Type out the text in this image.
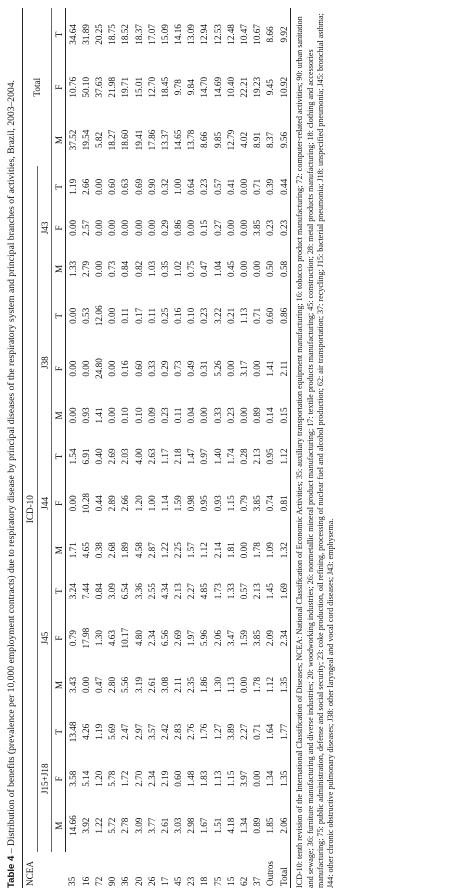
Table 4 – Distribution of benefits (prevalence per 10,000 employment contracts) due to respiratory disease by principal diseases of the respiratory system and principal branches of activities, Brazil, 2003–2004.

NCEA	ICD-10															Total		
	J15+J18			J45			J44			J38			J43					
	M	F	T	M	F	T	M	F	T	M	F	T	M	F	T	M	F	T
35	14.66	3.58	13.48	3.43	0.79	3.24	1.71	0.00	1.54	0.00	0.00	0.00	1.33	0.00	1.19	37.52	10.76	34.64
16	3.92	5.14	4.26	0.00	17.98	7.44	4.65	10.28	6.91	0.93	0.00	0.53	2.79	2.57	2.66	19.54	50.10	31.89
72	1.22	1.20	1.19	0.47	1.30	0.84	0.38	0.44	0.40	1.41	24.80	12.06	0.00	0.00	0.00	5.82	37.63	20.25
90	5.72	5.78	5.69	2.80	4.63	3.09	2.68	2.89	2.69	0.00	0.00	0.00	0.73	0.00	0.60	18.27	21.98	18.75
36	2.78	1.72	2.47	5.56	10.17	6.54	1.89	2.66	2.03	0.10	0.16	0.11	0.84	0.00	0.63	18.60	19.71	18.52
20	3.09	2.70	2.97	3.19	4.80	3.36	4.58	1.20	4.00	0.10	0.60	0.17	0.82	0.00	0.69	19.41	15.01	18.37
26	3.77	2.34	3.57	2.61	2.34	2.55	2.87	1.00	2.63	0.09	0.33	0.11	1.03	0.00	0.90	17.86	12.70	17.07
17	2.61	2.19	2.42	3.08	6.56	4.34	1.22	1.14	1.17	0.23	0.29	0.25	0.35	0.29	0.32	13.37	18.45	15.09
45	3.03	0.60	2.83	2.11	2.69	2.13	2.25	1.59	2.18	0.11	0.73	0.16	1.02	0.86	1.00	14.65	9.78	14.16
23	2.98	1.48	2.76	2.35	1.97	2.27	1.57	0.98	1.47	0.04	0.49	0.10	0.75	0.00	0.64	13.78	9.84	13.09
18	1.67	1.83	1.76	1.86	5.96	4.85	1.12	0.95	0.97	0.00	0.31	0.23	0.47	0.15	0.23	8.66	14.70	12.94
75	1.51	1.13	1.27	1.30	2.06	1.73	2.14	0.93	1.40	0.33	5.26	3.22	1.04	0.27	0.57	9.85	14.69	12.53
15	4.18	1.15	3.89	1.13	3.47	1.33	1.81	1.15	1.74	0.23	0.00	0.21	0.45	0.00	0.41	12.79	10.40	12.48
62	1.34	3.97	2.27	0.00	1.59	0.57	0.00	0.79	0.28	0.00	3.17	1.13	0.00	0.00	0.00	4.02	22.21	10.47
37	0.89	0.00	0.71	1.78	3.85	2.13	1.78	3.85	2.13	0.89	0.00	0.71	0.00	3.85	0.71	8.91	19.23	10.67
Outros	1.85	1.34	1.64	1.12	2.09	1.45	1.09	0.74	0.95	0.14	1.41	0.60	0.50	0.23	0.39	8.37	9.45	8.66
Total	2.06	1.35	1.77	1.35	2.34	1.69	1.32	0.81	1.12	0.15	2.11	0.86	0.58	0.23	0.44	9.56	10.92	9.92 ICD-10: tenth revision of the International Classification of Diseases; NCEA: National Classification of Economic Activities; 35: auxiliary transportation equipment manufacturing; 16: tobacco product manufacturing; 72: computer-related activities; 90: urban sanitation and sewage; 36: furniture manufacturing and diverse industries; 20: woodworking industries; 26: nonmetallic mineral product manufacturing; 17: textile products manufacturing; 45: construction; 28: metal products manufacturing; 18: clothing and accessories manufacturing; 75: public administration, defense and social security; 23: coke production, oil refining, processing of nuclear fuel and alcohol production; 62: air transportation; 37: recycling; J15: bacterial pneumonia; J18: unspecified pneumonia; J45: bronchial asthma; J44: other chronic obstructive pulmonary diseases; J38: other laryngeal and vocal cord diseases; J43: emphysema.
